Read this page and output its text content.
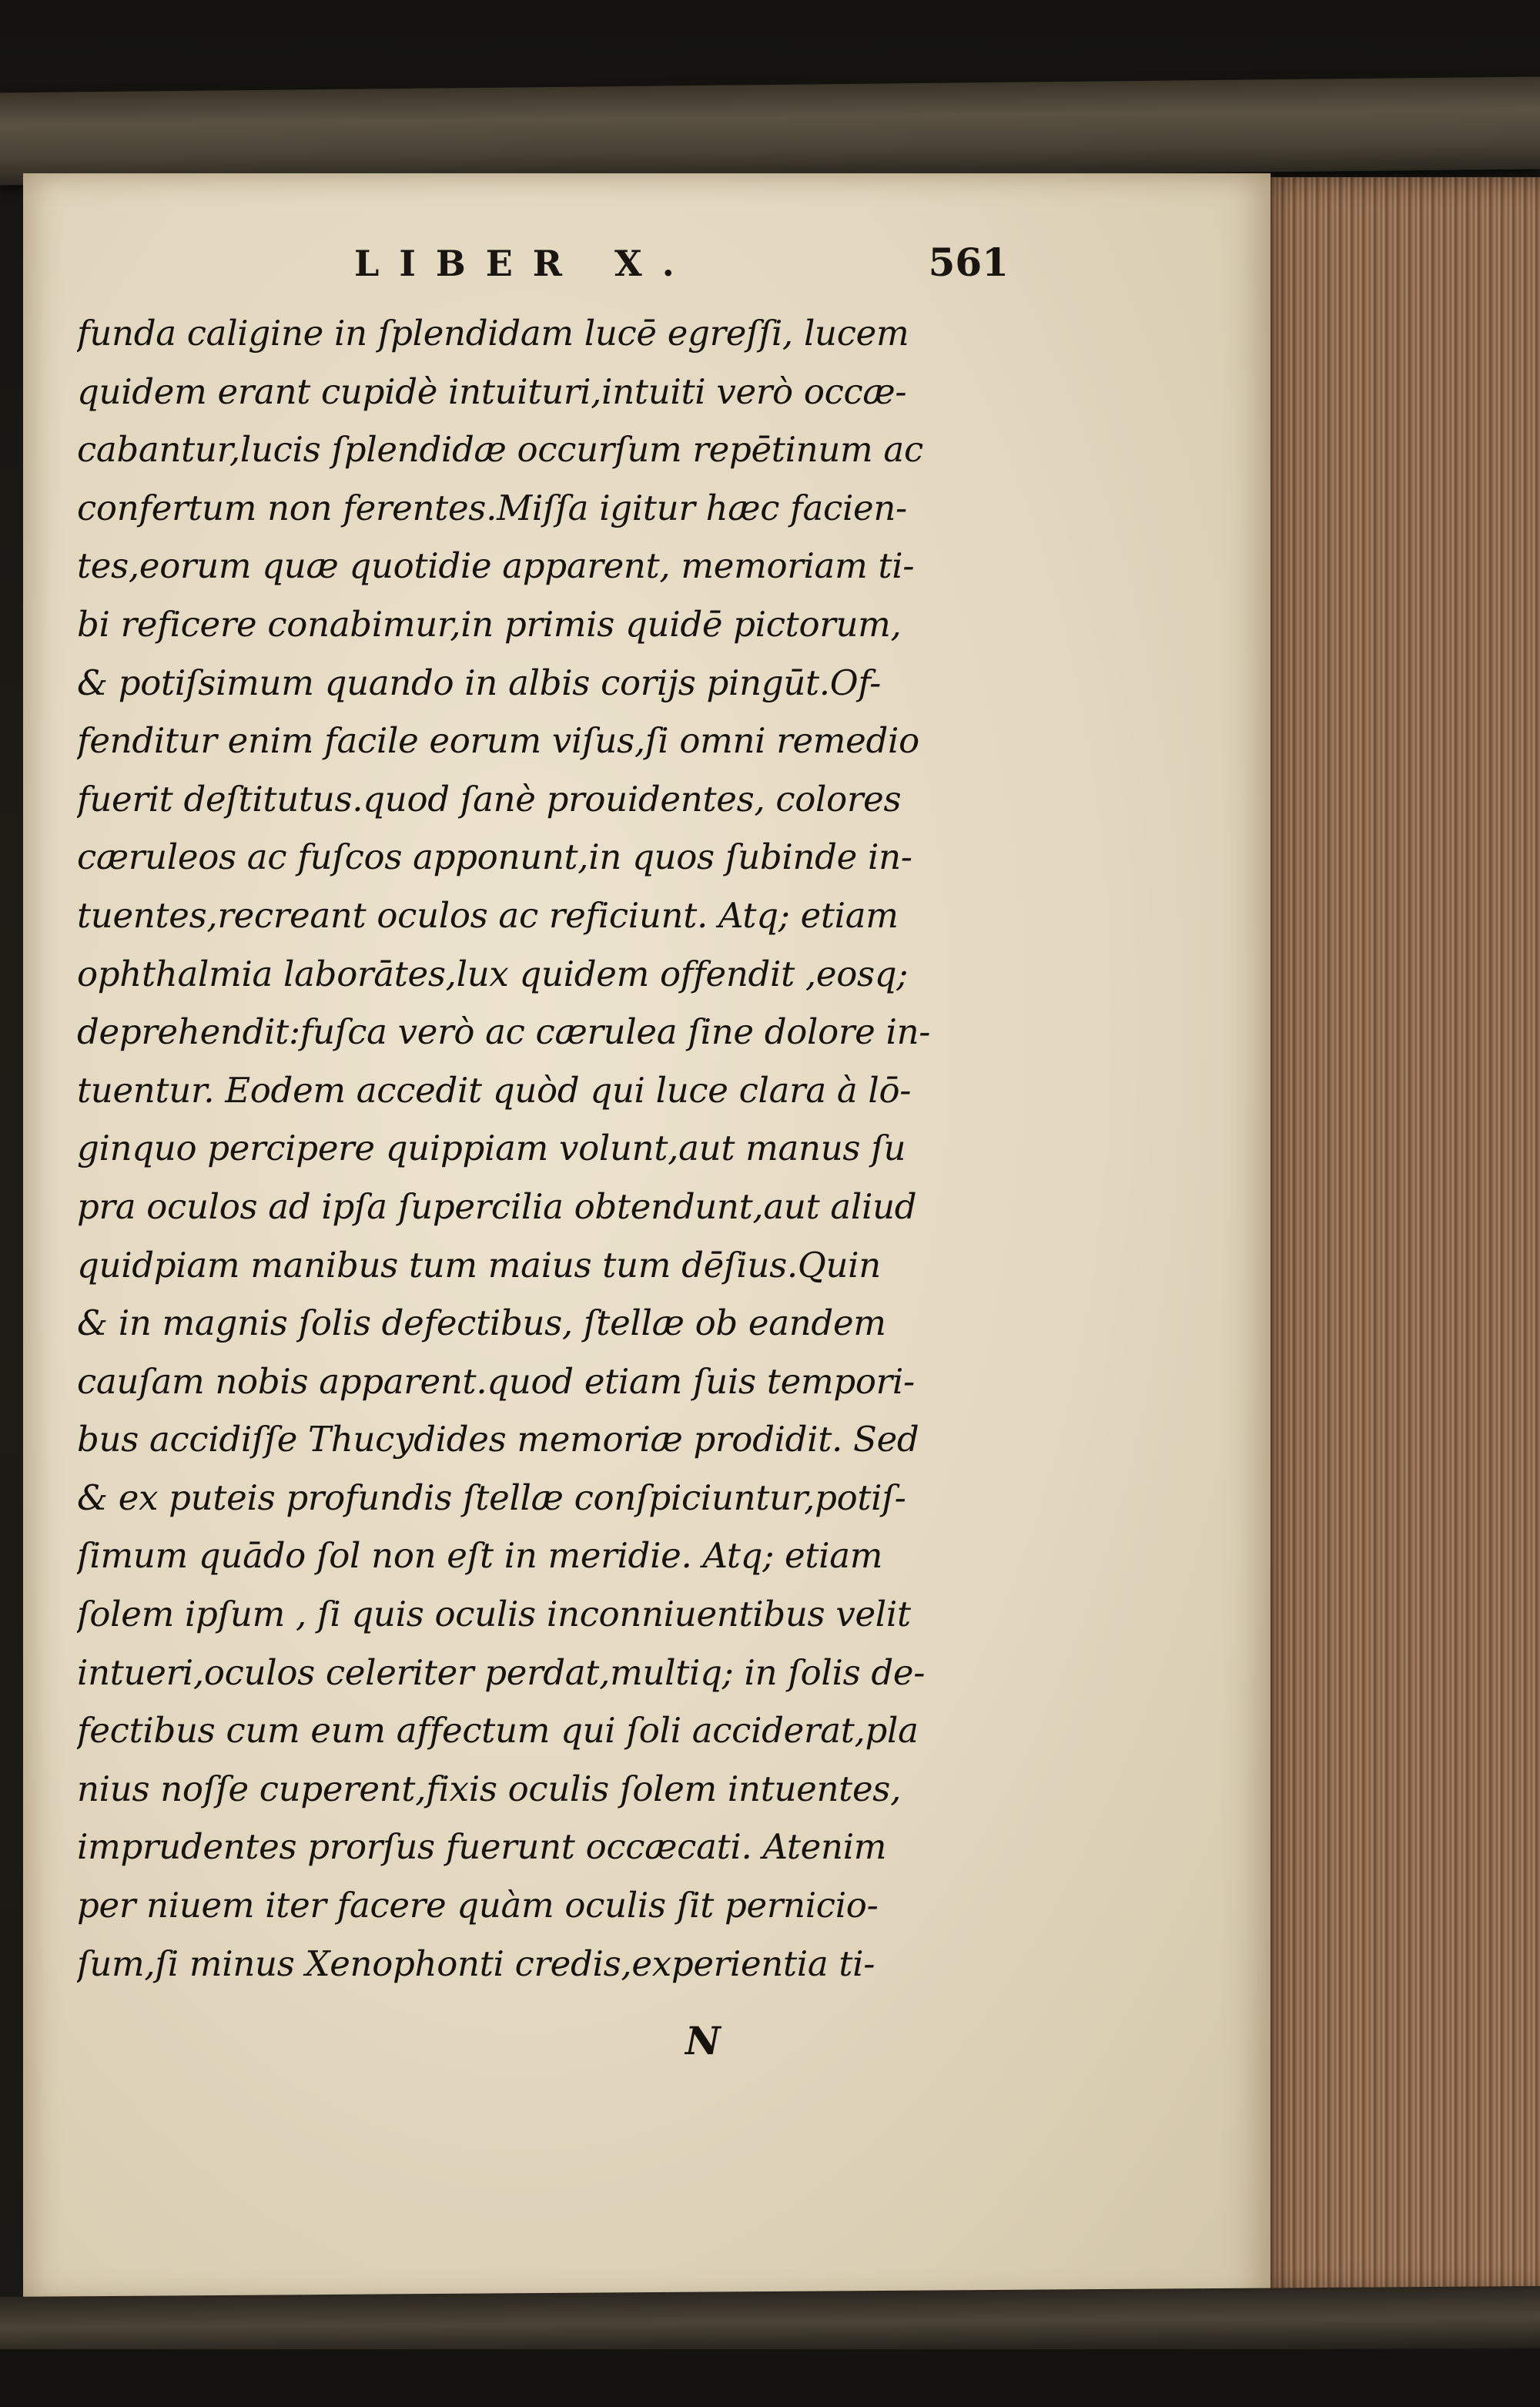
LIBER X.	561
funda caligine in ſplendidam lucē egreſſi, lucem
quidem erant cupidè intuituri,intuiti verò occæ-
cabantur,lucis ſplendidæ occurſum repētinum ac
confertum non ferentes.Miſſa igitur hæc facien-
tes,eorum quæ quotidie apparent, memoriam ti-
bi reficere conabimur,in primis quidē pictorum,
& potiſsimum quando in albis corijs pingūt.Of-
fenditur enim facile eorum viſus,ſi omni remedio
fuerit deſtitutus.quod ſanè prouidentes, colores
cæruleos ac fuſcos apponunt,in quos ſubinde in-
tuentes,recreant oculos ac reficiunt. Atq; etiam
ophthalmia laborātes,lux quidem offendit ,eosq;
deprehendit:fuſca verò ac cærulea ſine dolore in-
tuentur. Eodem accedit quòd qui luce clara à lō-
ginquo percipere quippiam volunt,aut manus ſu
pra oculos ad ipſa ſupercilia obtendunt,aut aliud
quidpiam manibus tum maius tum dēſius.Quin
& in magnis ſolis defectibus, ſtellæ ob eandem
cauſam nobis apparent.quod etiam ſuis tempori-
bus accidiſſe Thucydides memoriæ prodidit. Sed
& ex puteis profundis ſtellæ conſpiciuntur,potiſ-
ſimum quādo ſol non eſt in meridie. Atq; etiam
ſolem ipſum , ſi quis oculis inconniuentibus velit
intueri,oculos celeriter perdat,multiq; in ſolis de-
fectibus cum eum affectum qui ſoli acciderat,pla
nius noſſe cuperent,fixis oculis ſolem intuentes,
imprudentes prorſus fuerunt occæcati. Atenim
per niuem iter facere quàm oculis ſit pernicio-
ſum,ſi minus Xenophonti credis,experientia ti-
N
